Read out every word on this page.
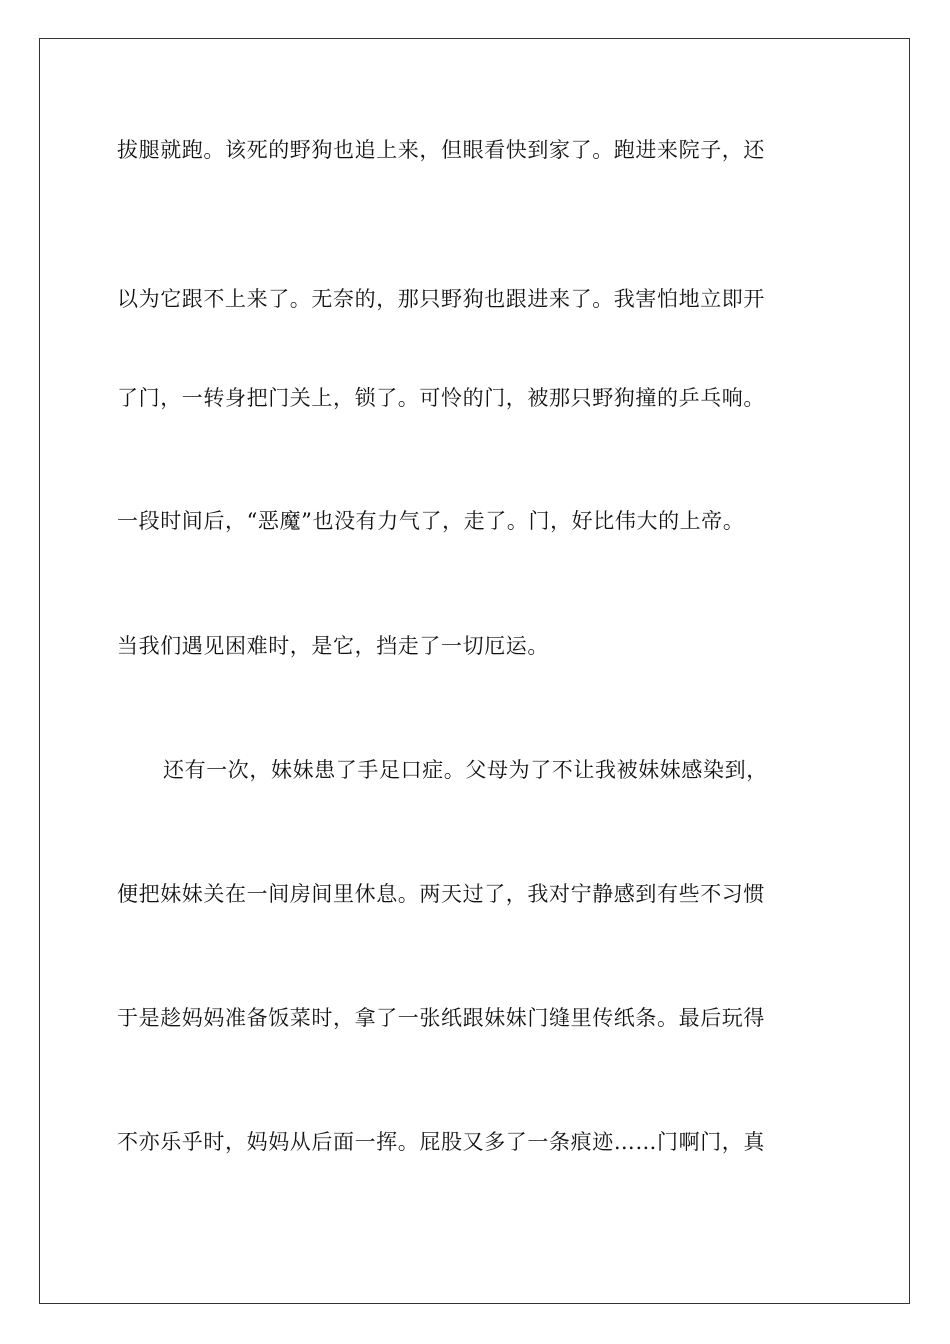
拔腿就跑。该死的野狗也追上来，但眼看快到家了。跑进来院子，还
以为它跟不上来了。无奈的，那只野狗也跟进来了。我害怕地立即开
了门，一转身把门关上，锁了。可怜的门，被那只野狗撞的乒乓响。
一段时间后，“恶魔”也没有力气了，走了。门，好比伟大的上帝。
当我们遇见困难时，是它，挡走了一切厄运。
还有一次，妹妹患了手足口症。父母为了不让我被妹妹感染到，
便把妹妹关在一间房间里休息。两天过了，我对宁静感到有些不习惯
于是趁妈妈准备饭菜时，拿了一张纸跟妹妹门缝里传纸条。最后玩得
不亦乐乎时，妈妈从后面一挥。屁股又多了一条痕迹……门啊门，真
